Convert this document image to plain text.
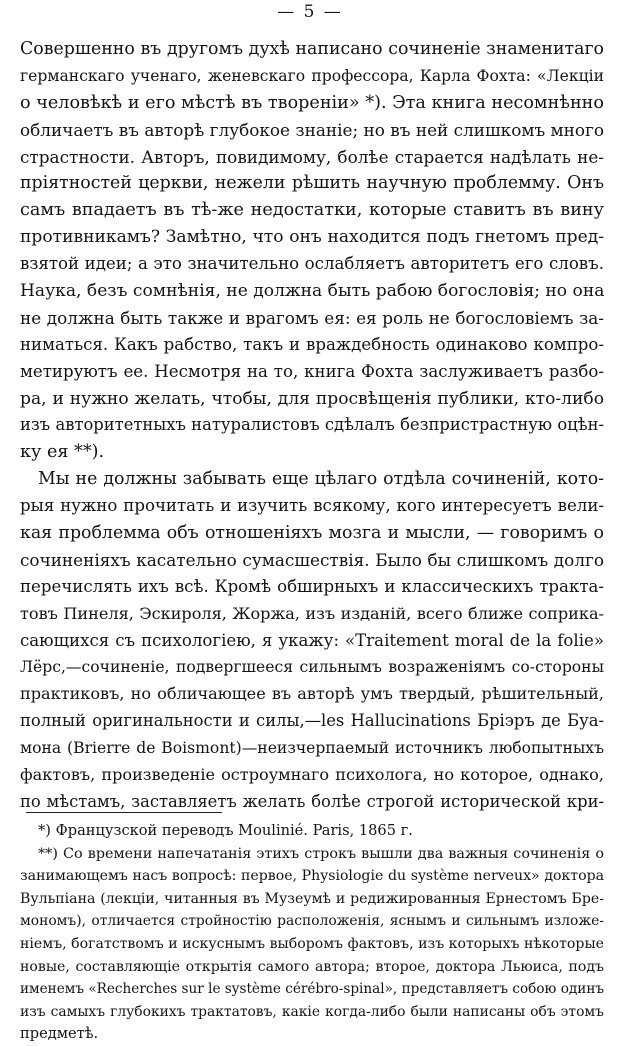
— 5 —
Совершенно въ другомъ духѣ написано сочиненіе знаменитаго
германскаго ученаго, женевскаго профессора, Карла Фохта: «Лекціи
о человѣкѣ и его мѣстѣ въ твореніи» *). Эта книга несомнѣнно
обличаетъ въ авторѣ глубокое знаніе; но въ ней слишкомъ много
страстности. Авторъ, повидимому, болѣе старается надѣлать не-
пріятностей церкви, нежели рѣшить научную проблемму. Онъ
самъ впадаетъ въ тѣ-же недостатки, которые ставитъ въ вину
противникамъ? Замѣтно, что онъ находится подъ гнетомъ пред-
взятой идеи; а это значительно ослабляетъ авторитетъ его словъ.
Наука, безъ сомнѣнія, не должна быть рабою богословія; но она
не должна быть также и врагомъ ея: ея роль не богословіемъ за-
ниматься. Какъ рабство, такъ и враждебность одинаково компро-
метируютъ ее. Несмотря на то, книга Фохта заслуживаетъ разбо-
ра, и нужно желать, чтобы, для просвѣщенія публики, кто-либо
изъ авторитетныхъ натуралистовъ сдѣлалъ безпристрастную оцѣн-
ку ея **).
Мы не должны забывать еще цѣлаго отдѣла сочиненій, кото-
рыя нужно прочитать и изучить всякому, кого интересуетъ вели-
кая проблемма объ отношеніяхъ мозга и мысли, — говоримъ о
сочиненіяхъ касательно сумасшествія. Было бы слишкомъ долго
перечислять ихъ всѣ. Кромѣ обширныхъ и классическихъ тракта-
товъ Пинеля, Эскироля, Жоржа, изъ изданій, всего ближе соприка-
сающихся съ психологіею, я укажу: «Traitement moral de la folie»
Лёрс,—сочиненіе, подвергшееся сильнымъ возраженіямъ со-стороны
практиковъ, но обличающее въ авторѣ умъ твердый, рѣшительный,
полный оригинальности и силы,—les Hallucinations Бріэръ де Буа-
мона (Brierre de Boismont)—неизчерпаемый источникъ любопытныхъ
фактовъ, произведеніе остроумнаго психолога, но которое, однако,
по мѣстамъ, заставляетъ желать болѣе строгой исторической кри-
*) Французской переводъ Moulinié. Paris, 1865 г.
**) Со времени напечатанія этихъ строкъ вышли два важныя сочиненія о
занимающемъ насъ вопросѣ: первое, Physiologie du système nerveux» доктора
Вульпіана (лекціи, читанныя въ Музеумѣ и редижированныя Ернестомъ Бре-
мономъ), отличается стройностію расположенія, яснымъ и сильнымъ изложе-
ніемъ, богатствомъ и искуснымъ выборомъ фактовъ, изъ которыхъ нѣкоторые
новые, составляющіе открытія самого автора; второе, доктора Льюиса, подъ
именемъ «Recherches sur le système cérébro-spinal», представляетъ собою одинъ
изъ самыхъ глубокихъ трактатовъ, какіе когда-либо были написаны объ этомъ
предметѣ.
